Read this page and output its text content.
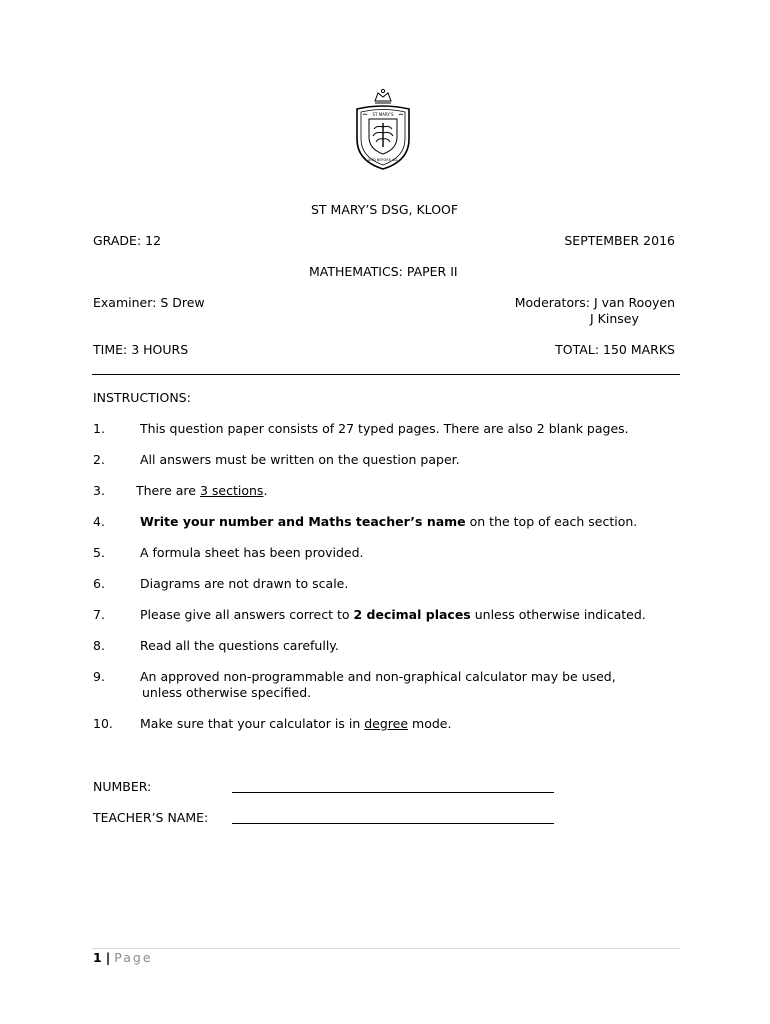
ST MARY'S
GOD BEFORE ALL
ST MARY’S DSG, KLOOF
GRADE: 12	SEPTEMBER 2016
MATHEMATICS: PAPER II
Examiner: S Drew	Moderators: J van Rooyen
J Kinsey
TIME: 3 HOURS	TOTAL: 150 MARKS
INSTRUCTIONS:
1.	This question paper consists of 27 typed pages. There are also 2 blank pages.
2.	All answers must be written on the question paper.
3. There are 3 sections.
4.	Write your number and Maths teacher’s name on the top of each section.
5.	A formula sheet has been provided.
6.	Diagrams are not drawn to scale.
7.	Please give all answers correct to 2 decimal places unless otherwise indicated.
8.	Read all the questions carefully.
9.	An approved non-programmable and non-graphical calculator may be used,
unless otherwise specified.
10. Make sure that your calculator is in degree mode.
NUMBER:
TEACHER’S NAME:
1 | Page
